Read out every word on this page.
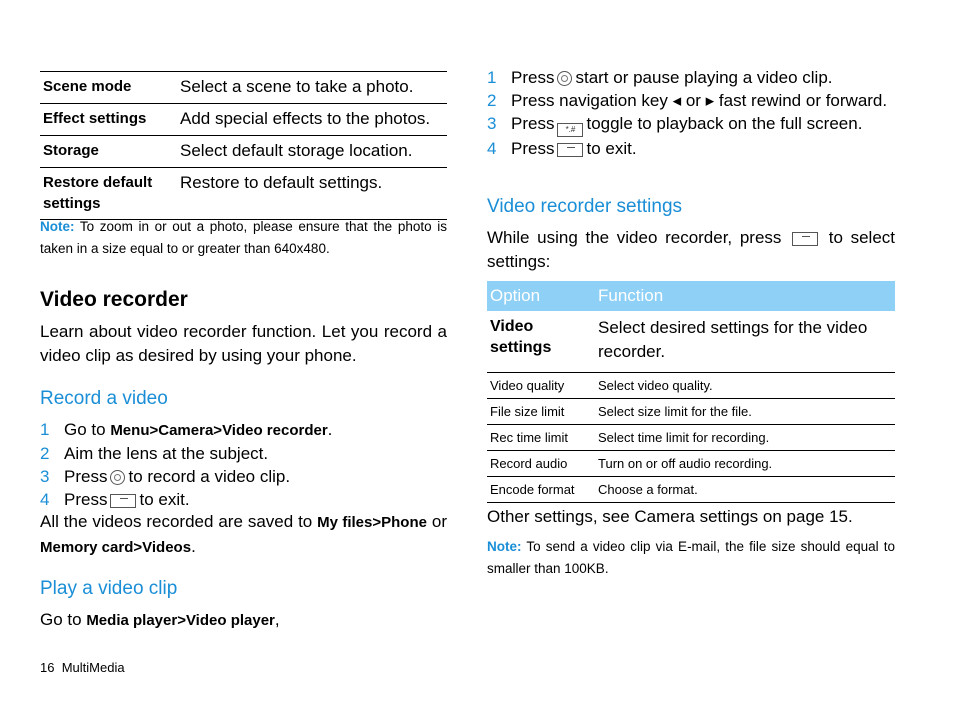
Scene mode	Select a scene to take a photo.
Effect settings	Add special effects to the photos.
Storage	Select default storage location.
Restore default settings	Restore to default settings.
Note: To zoom in or out a photo, please ensure that the photo is taken in a size equal to or greater than 640x480.
Video recorder
Learn about video recorder function. Let you record a video clip as desired by using your phone.
Record a video
1 Go to Menu>Camera>Video recorder.
2 Aim the lens at the subject.
3 Press to record a video clip.
4 Press to exit.
All the videos recorded are saved to My files>Phone or Memory card>Videos.
Play a video clip
Go to Media player>Video player,
1 Press start or pause playing a video clip.
2 Press navigation key ◂ or ▸ fast rewind or forward.
3 Press *.# toggle to playback on the full screen.
4 Press to exit.
Video recorder settings
While using the video recorder, press	to select settings:
Option	Function
Video settings	Select desired settings for the video recorder.
Video quality	Select video quality.
File size limit	Select size limit for the file.
Rec time limit	Select time limit for recording.
Record audio	Turn on or off audio recording.
Encode format	Choose a format.
Other settings, see Camera settings on page 15.
Note: To send a video clip via E-mail, the file size should equal to smaller than 100KB.
16 MultiMedia
